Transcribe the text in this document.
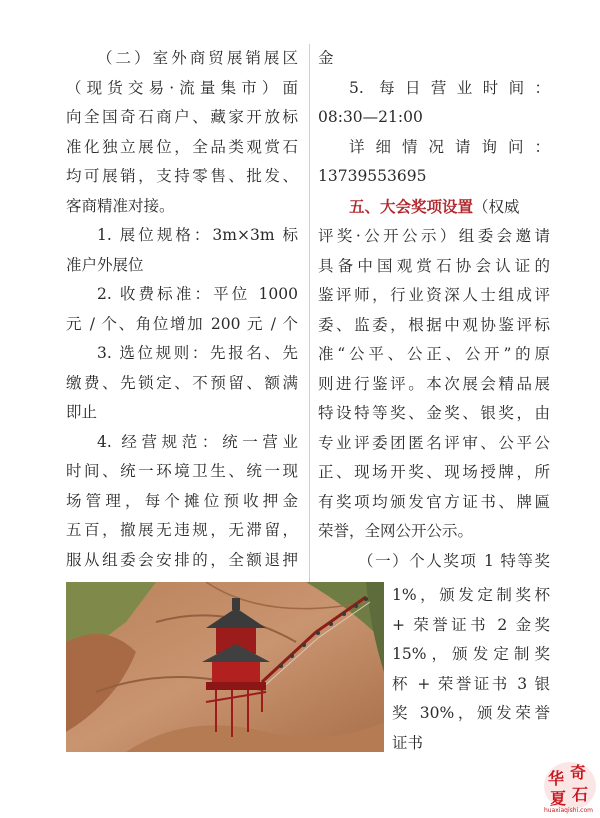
（二）室外商贸展销展区
（现货交易·流量集市）面
向全国奇石商户、藏家开放标
准化独立展位，全品类观赏石
均可展销，支持零售、批发、
客商精准对接。
1. 展位规格：3m×3m 标
准户外展位
2. 收费标准：平位 1000
元 / 个、角位增加 200 元 / 个
3. 选位规则：先报名、先
缴费、先锁定、不预留、额满
即止
4. 经营规范：统一营业
时间、统一环境卫生、统一现
场管理，每个摊位预收押金
五百，撤展无违规，无滞留，
服从组委会安排的，全额退押
金
5. 每日营业时间：
08:30—21:00
详细情况请询问：
13739553695
五、大会奖项设置（权威
评奖·公开公示）组委会邀请
具备中国观赏石协会认证的
鉴评师，行业资深人士组成评
委、监委，根据中观协鉴评标
准“公平、公正、公开”的原
则进行鉴评。本次展会精品展
特设特等奖、金奖、银奖，由
专业评委团匿名评审、公平公
正、现场开奖、现场授牌，所
有奖项均颁发官方证书、牌匾
荣誉，全网公开公示。
（一）个人奖项 1 特等奖
1%，颁发定制奖杯
+ 荣誉证书 2 金奖
15%，颁发定制奖
杯 + 荣誉证书 3 银
奖 30%，颁发荣誉
证书
华 奇
夏 石
huaxiaqishi.com
